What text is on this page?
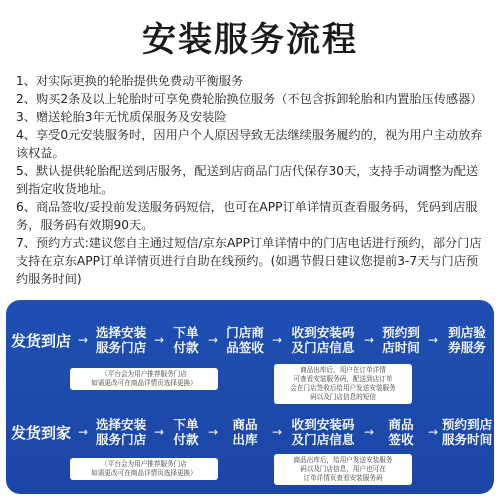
安装服务流程

1、对实际更换的轮胎提供免费动平衡服务

2、购买2条及以上轮胎时可享免费轮胎换位服务（不包含拆卸轮胎和内置胎压传感器）

3、赠送轮胎3年无忧质保服务及安装险

4、享受0元安装服务时，因用户个人原因导致无法继续服务履约的，视为用户主动放弃该权益。

5、默认提供轮胎配送到店服务，配送到店商品门店代保存30天，支持手动调整为配送到指定收货地址。

6、商品签收/妥投前发送服务码短信，也可在APP订单详情页查看服务码，凭码到店服务，服务码有效期90天。

7、预约方式:建议您自主通过短信/京东APP订单详情中的门店电话进行预约，部分门店支持在京东APP订单详情页进行自助在线预约。(如遇节假日建议您提前3-7天与门店预约服务时间)

发货到店 → 选择安装
服务门店 → 下单
付款 → 门店商
品签收 → 收到安装码
及门店信息 → 预约到
店时间 → 到店验
券服务
（平台会为用户推荐服务门店
如需更改可在商品详情页选择更换）
商品出库后，用户在订单详情
可查看安装服务码，配送到店订单
会在门店签收后给用户发送安装服务
码以及门店信息的短信
发货到家 → 选择安装
服务门店 → 下单
付款 →	商品
出库	→ 收到安装码
及门店信息 →	商品
签收	→ 预约到店
服务时间
（平台会为用户推荐服务门店
如需更改可在商品详情页选择更换）
商品出库后，给用户发送安装服务
码以及门店信息，用户也可在
订单详情页查看安装服务码
